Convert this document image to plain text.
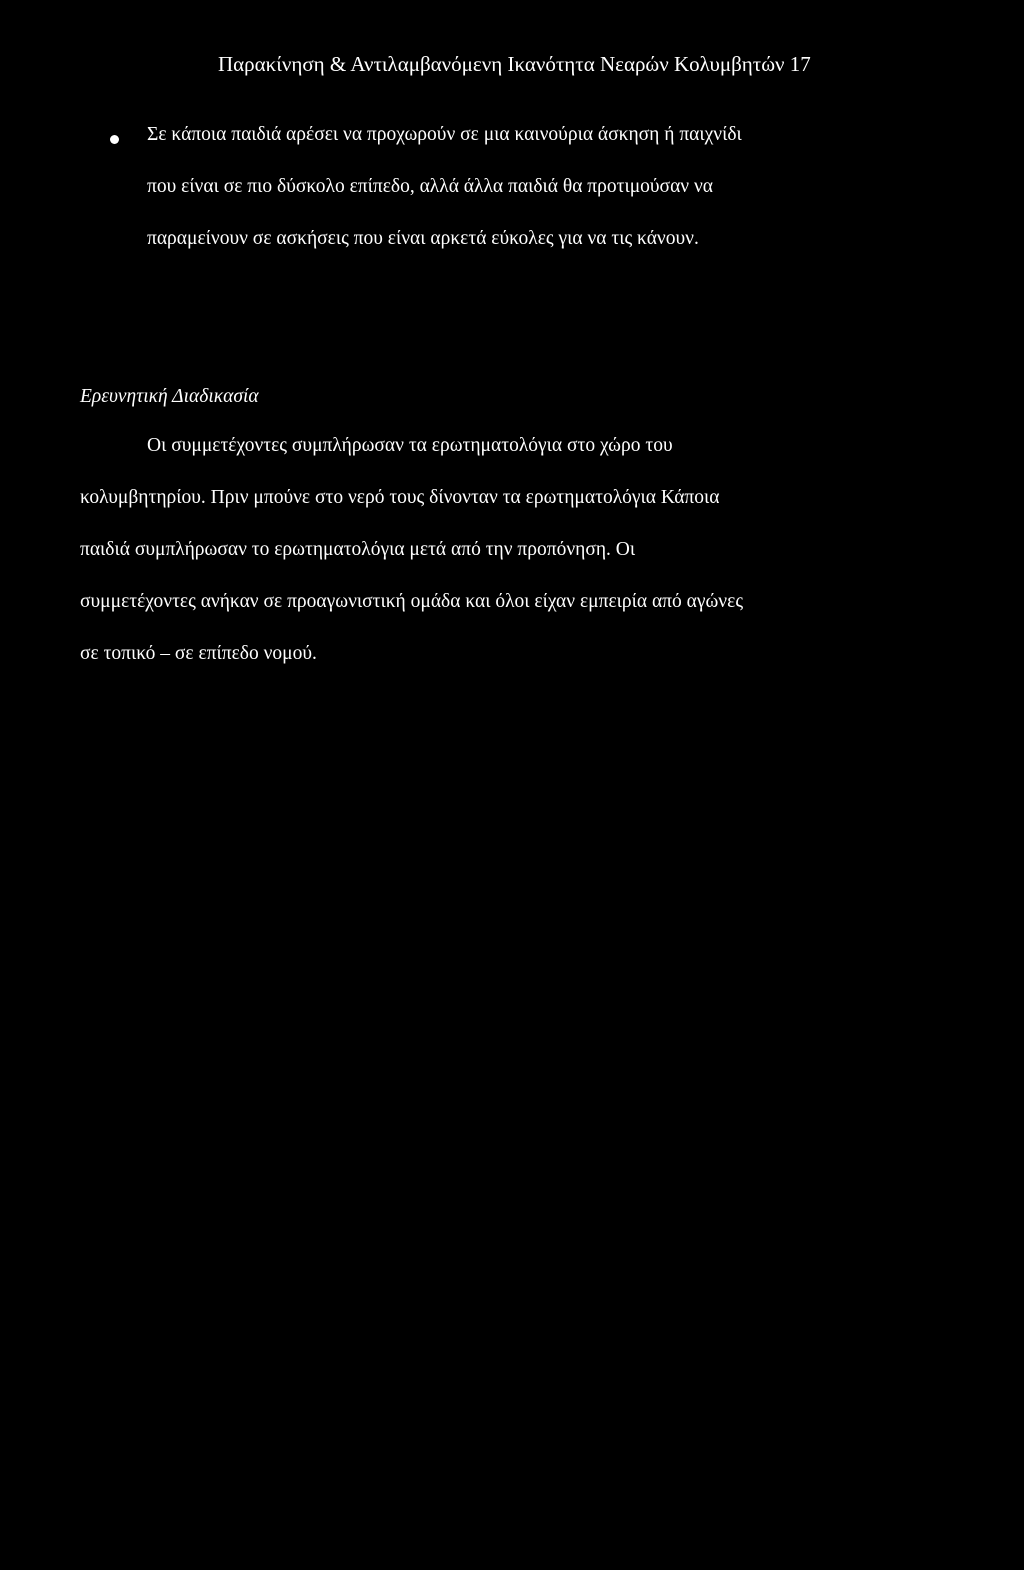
Παρακίνηση & Αντιλαμβανόμενη Ικανότητα Νεαρών Κολυμβητών 17
Σε κάποια παιδιά αρέσει να προχωρούν σε μια καινούρια άσκηση ή παιχνίδι
που είναι σε πιο δύσκολο επίπεδο, αλλά άλλα παιδιά θα προτιμούσαν να
παραμείνουν σε ασκήσεις που είναι αρκετά εύκολες για να τις κάνουν.
Ερευνητική Διαδικασία
Οι συμμετέχοντες συμπλήρωσαν τα ερωτηματολόγια στο χώρο του
κολυμβητηρίου. Πριν μπούνε στο νερό τους δίνονταν τα ερωτηματολόγια Κάποια
παιδιά συμπλήρωσαν το ερωτηματολόγια μετά από την προπόνηση. Οι
συμμετέχοντες ανήκαν σε προαγωνιστική ομάδα και όλοι είχαν εμπειρία από αγώνες
σε τοπικό – σε επίπεδο νομού.
